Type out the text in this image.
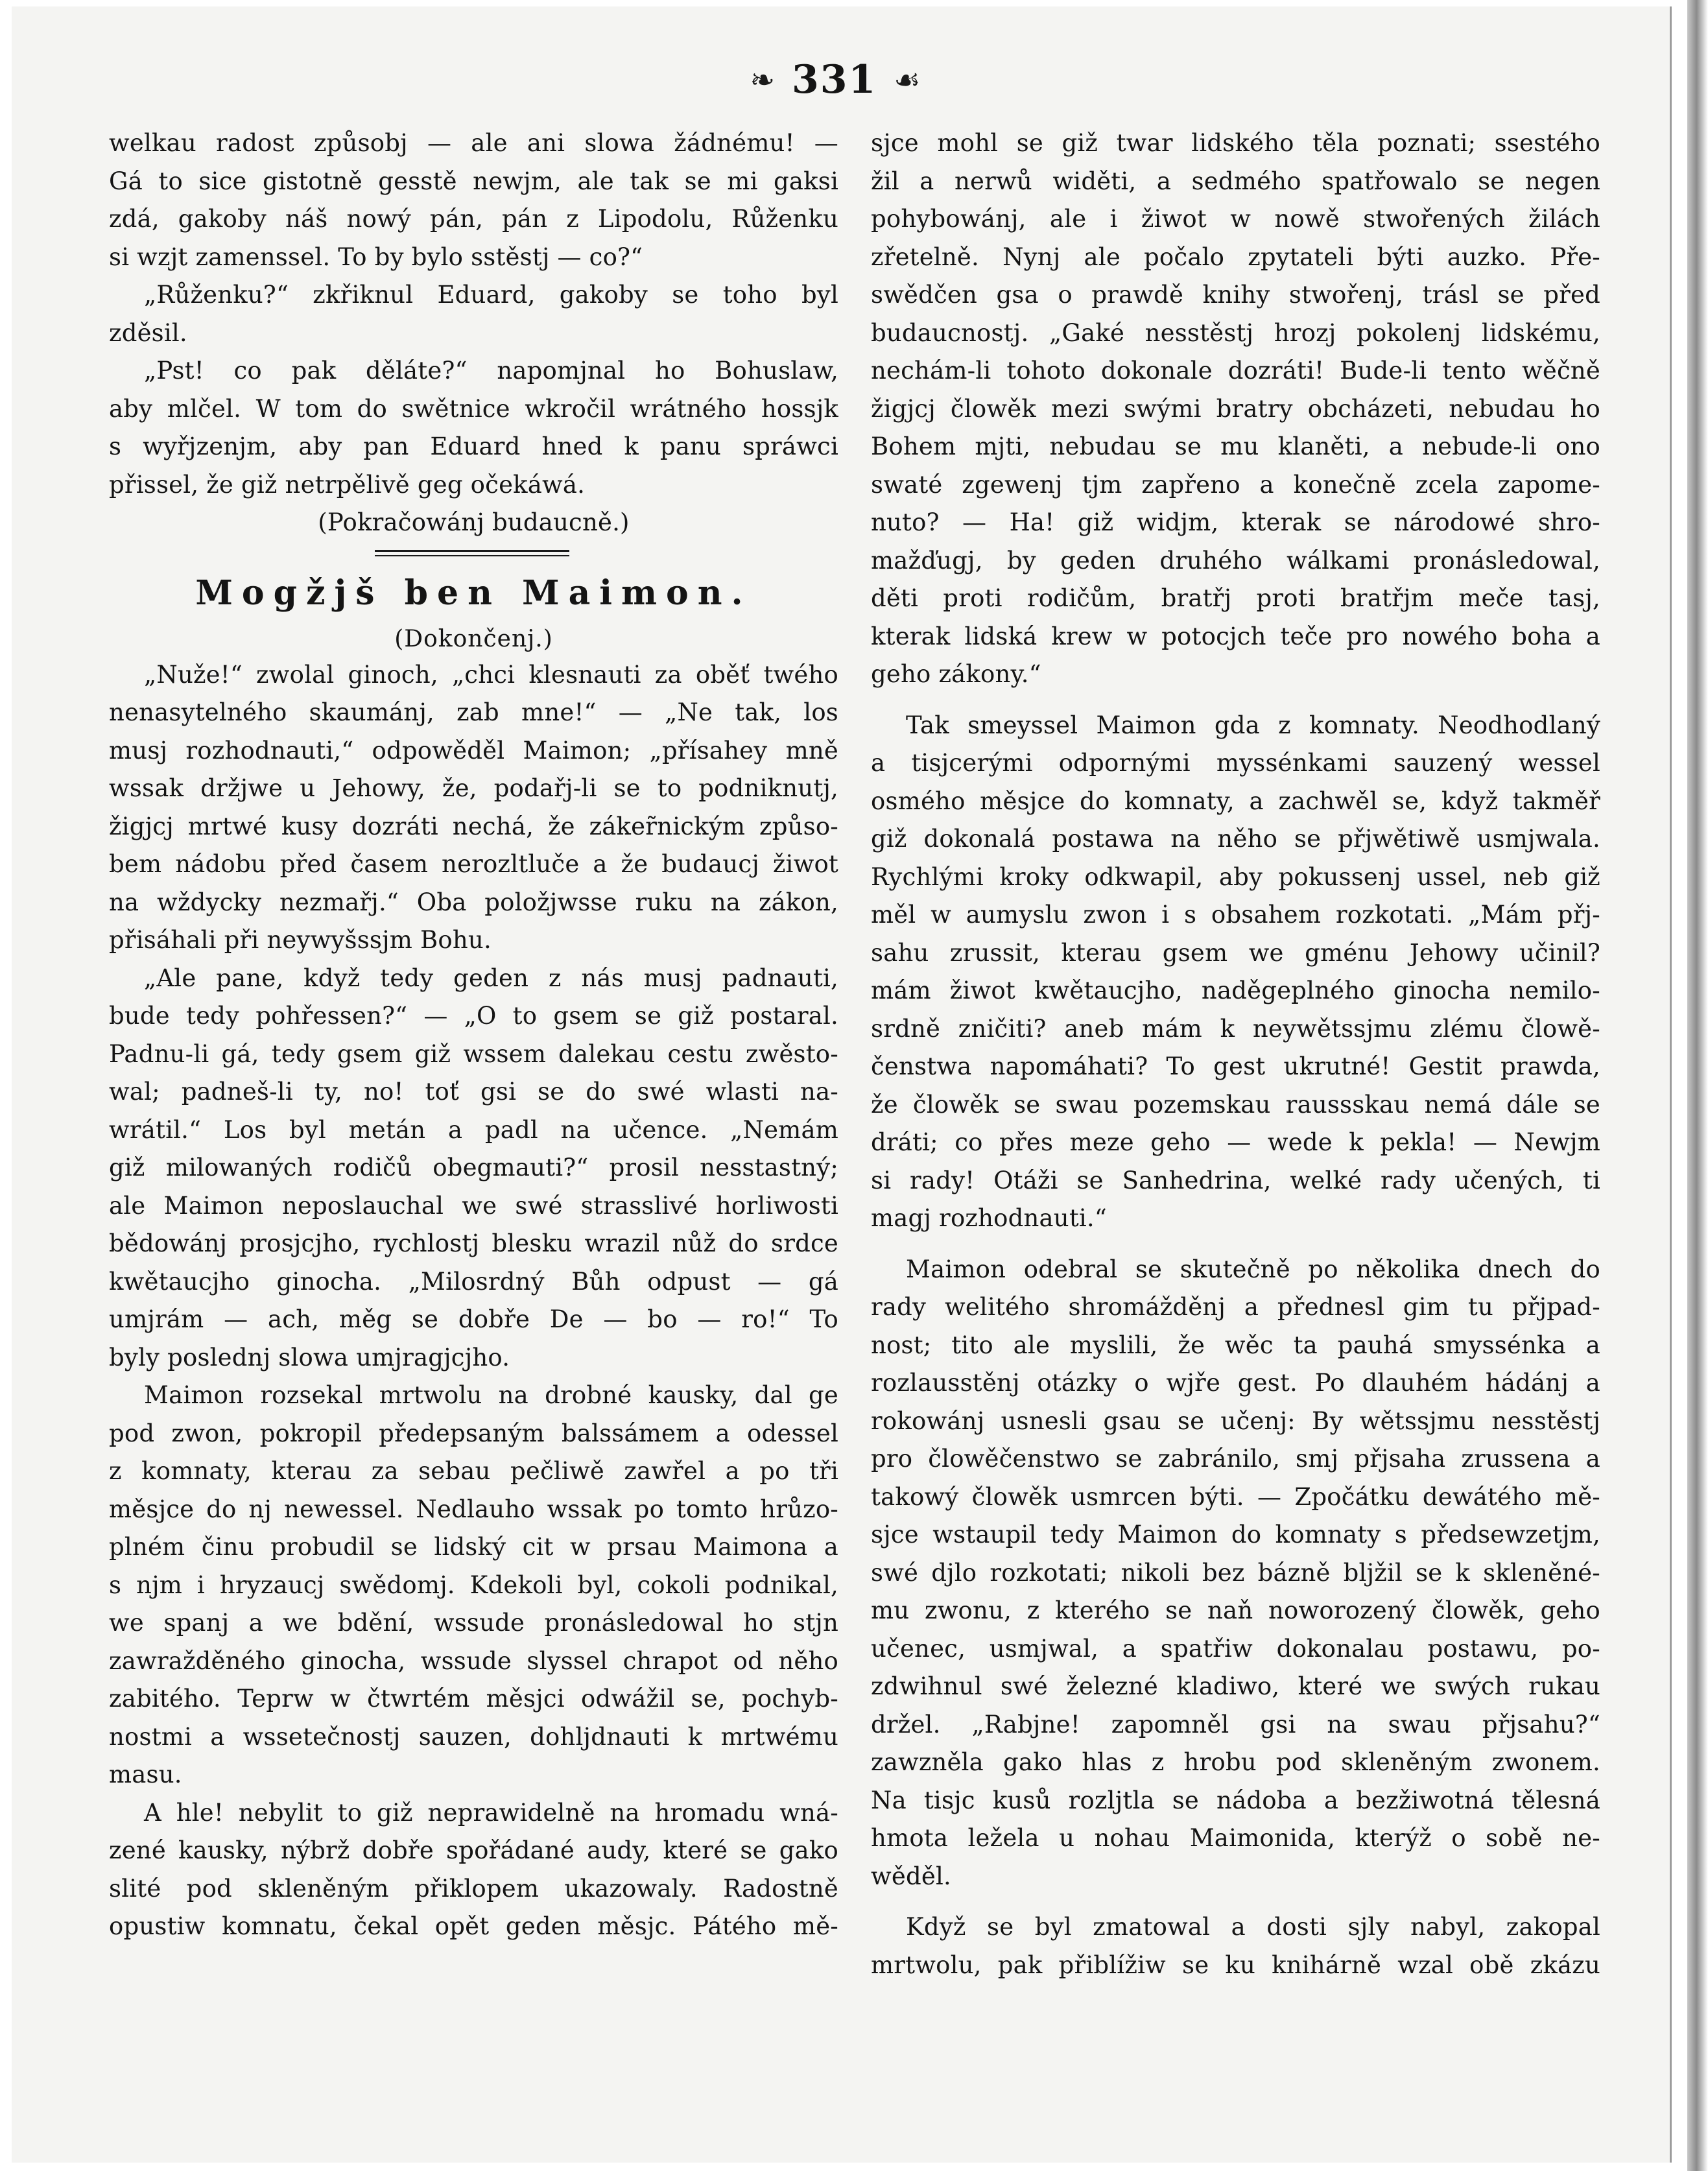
❧ 331 ☙
welkau radost způsobj — ale ani slowa žádnému! —
Gá to sice gistotně gesstě newjm, ale tak se mi gaksi
zdá, gakoby náš nowý pán, pán z Lipodolu, Růženku
si wzjt zamenssel. To by bylo sstěstj — co?“
„Růženku?“ zkřiknul Eduard, gakoby se toho byl
zděsil.
„Pst! co pak děláte?“ napomjnal ho Bohuslaw,
aby mlčel. W tom do swětnice wkročil wrátného hossjk
s wyřjzenjm, aby pan Eduard hned k panu spráwci
přissel, že giž netrpělivě geg očekáwá.
(Pokračowánj budaucně.)
Mogžjš ben Maimon.
(Dokončenj.)
„Nuže!“ zwolal ginoch, „chci klesnauti za oběť twého
nenasytelného skaumánj, zab mne!“ — „Ne tak, los
musj rozhodnauti,“ odpowěděl Maimon; „přísahey mně
wssak držjwe u Jehowy, že, podařj-li se to podniknutj,
žigjcj mrtwé kusy dozráti nechá, že záker̃nickým způso-
bem nádobu před časem nerozltluče a že budaucj žiwot
na wždycky nezmařj.“ Oba položjwsse ruku na zákon,
přisáhali při neywyšssjm Bohu.
„Ale pane, když tedy geden z nás musj padnauti,
bude tedy pohřessen?“ — „O to gsem se giž postaral.
Padnu-li gá, tedy gsem giž wssem dalekau cestu zwěsto-
wal; padneš-li ty, no! toť gsi se do swé wlasti na-
wrátil.“ Los byl metán a padl na učence. „Nemám
giž milowaných rodičů obegmauti?“ prosil nesstastný;
ale Maimon neposlauchal we swé strasslivé horliwosti
bědowánj prosjcjho, rychlostj blesku wrazil nůž do srdce
kwětaucjho ginocha. „Milosrdný Bůh odpust — gá
umjrám — ach, měg se dobře De — bo — ro!“ To
byly poslednj slowa umjragjcjho.
Maimon rozsekal mrtwolu na drobné kausky, dal ge
pod zwon, pokropil předepsaným balssámem a odessel
z komnaty, kterau za sebau pečliwě zawřel a po tři
měsjce do nj newessel. Nedlauho wssak po tomto hrůzo-
plném činu probudil se lidský cit w prsau Maimona a
s njm i hryzaucj swědomj. Kdekoli byl, cokoli podnikal,
we spanj a we bdění, wssude pronásledowal ho stjn
zawražděného ginocha, wssude slyssel chrapot od něho
zabitého. Teprw w čtwrtém měsjci odwážil se, pochyb-
nostmi a wssetečnostj sauzen, dohljdnauti k mrtwému
masu.
A hle! nebylit to giž neprawidelně na hromadu wná-
zené kausky, nýbrž dobře spořádané audy, které se gako
slité pod skleněným přiklopem ukazowaly. Radostně
opustiw komnatu, čekal opět geden měsjc. Pátého mě-
sjce mohl se giž twar lidského těla poznati; ssestého
žil a nerwů widěti, a sedmého spatřowalo se negen
pohybowánj, ale i žiwot w nowě stwořených žilách
zřetelně. Nynj ale počalo zpytateli býti auzko. Pře-
swědčen gsa o prawdě knihy stwořenj, trásl se před
budaucnostj. „Gaké nesstěstj hrozj pokolenj lidskému,
nechám-li tohoto dokonale dozráti! Bude-li tento wěčně
žigjcj člowěk mezi swými bratry obcházeti, nebudau ho
Bohem mjti, nebudau se mu klaněti, a nebude-li ono
swaté zgewenj tjm zapřeno a konečně zcela zapome-
nuto? — Ha! giž widjm, kterak se národowé shro-
mažďugj, by geden druhého wálkami pronásledowal,
děti proti rodičům, bratřj proti bratřjm meče tasj,
kterak lidská krew w potocjch teče pro nowého boha a
geho zákony.“
Tak smeyssel Maimon gda z komnaty. Neodhodlaný
a tisjcerými odpornými myssénkami sauzený wessel
osmého měsjce do komnaty, a zachwěl se, když takměř
giž dokonalá postawa na něho se přjwětiwě usmjwala.
Rychlými kroky odkwapil, aby pokussenj ussel, neb giž
měl w aumyslu zwon i s obsahem rozkotati. „Mám přj-
sahu zrussit, kterau gsem we gménu Jehowy učinil?
mám žiwot kwětaucjho, naděgeplného ginocha nemilo-
srdně zničiti? aneb mám k neywětssjmu zlému člowě-
čenstwa napomáhati? To gest ukrutné! Gestit prawda,
že člowěk se swau pozemskau raussskau nemá dále se
dráti; co přes meze geho — wede k pekla! — Newjm
si rady! Otáži se Sanhedrina, welké rady učených, ti
magj rozhodnauti.“
Maimon odebral se skutečně po několika dnech do
rady welitého shromážděnj a přednesl gim tu přjpad-
nost; tito ale myslili, že wěc ta pauhá smyssénka a
rozlausstěnj otázky o wjře gest. Po dlauhém hádánj a
rokowánj usnesli gsau se učenj: By wětssjmu nesstěstj
pro člowěčenstwo se zabránilo, smj přjsaha zrussena a
takowý člowěk usmrcen býti. — Zpočátku dewátého mě-
sjce wstaupil tedy Maimon do komnaty s předsewzetjm,
swé djlo rozkotati; nikoli bez bázně bljžil se k skleněné-
mu zwonu, z kterého se naň noworozený člowěk, geho
učenec, usmjwal, a spatřiw dokonalau postawu, po-
zdwihnul swé železné kladiwo, které we swých rukau
držel. „Rabjne! zapomněl gsi na swau přjsahu?“
zawzněla gako hlas z hrobu pod skleněným zwonem.
Na tisjc kusů rozljtla se nádoba a bezžiwotná tělesná
hmota ležela u nohau Maimonida, kterýž o sobě ne-
wěděl.
Když se byl zmatowal a dosti sjly nabyl, zakopal
mrtwolu, pak přiblížiw se ku knihárně wzal obě zkázu
